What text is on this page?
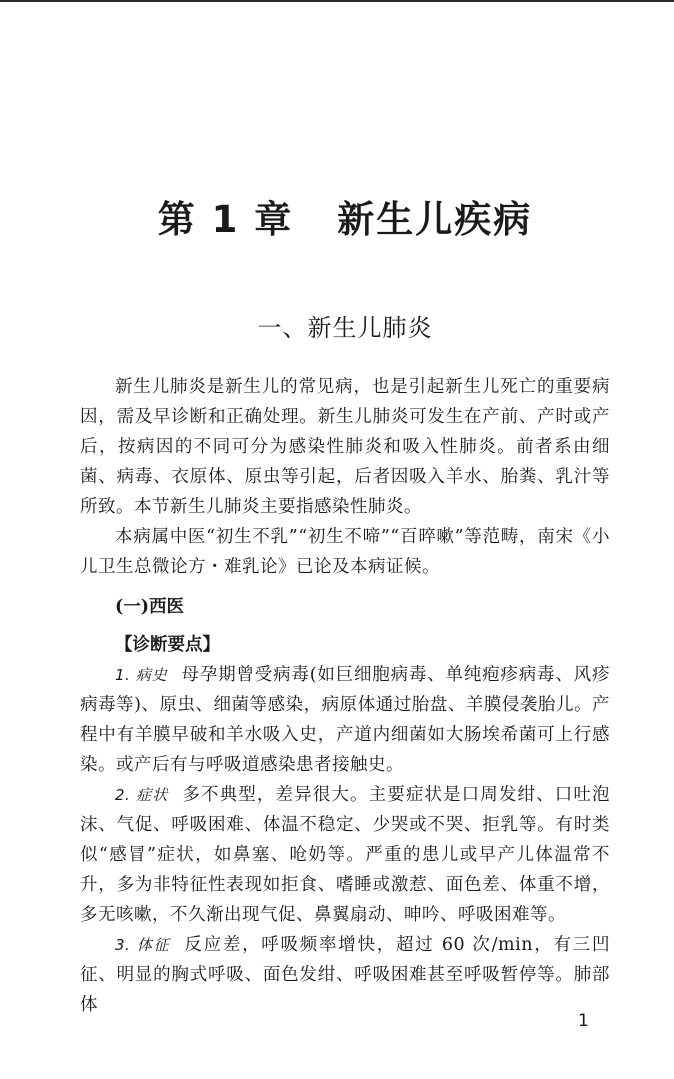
第 1 章 新生儿疾病
一、新生儿肺炎

新生儿肺炎是新生儿的常见病，也是引起新生儿死亡的重要病因，需及早诊断和正确处理。新生儿肺炎可发生在产前、产时或产后，按病因的不同可分为感染性肺炎和吸入性肺炎。前者系由细菌、病毒、衣原体、原虫等引起，后者因吸入羊水、胎粪、乳汁等所致。本节新生儿肺炎主要指感染性肺炎。

本病属中医“初生不乳”“初生不啼”“百晬嗽”等范畴，南宋《小儿卫生总微论方・难乳论》已论及本病证候。

(一)西医

【诊断要点】

1. 病史 母孕期曾受病毒(如巨细胞病毒、单纯疱疹病毒、风疹病毒等)、原虫、细菌等感染，病原体通过胎盘、羊膜侵袭胎儿。产程中有羊膜早破和羊水吸入史，产道内细菌如大肠埃希菌可上行感染。或产后有与呼吸道感染患者接触史。

2. 症状 多不典型，差异很大。主要症状是口周发绀、口吐泡沫、气促、呼吸困难、体温不稳定、少哭或不哭、拒乳等。有时类似“感冒”症状，如鼻塞、呛奶等。严重的患儿或早产儿体温常不升，多为非特征性表现如拒食、嗜睡或激惹、面色差、体重不增，多无咳嗽，不久渐出现气促、鼻翼扇动、呻吟、呼吸困难等。

3. 体征 反应差，呼吸频率增快，超过 60 次/min，有三凹征、明显的胸式呼吸、面色发绀、呼吸困难甚至呼吸暂停等。肺部体

1
